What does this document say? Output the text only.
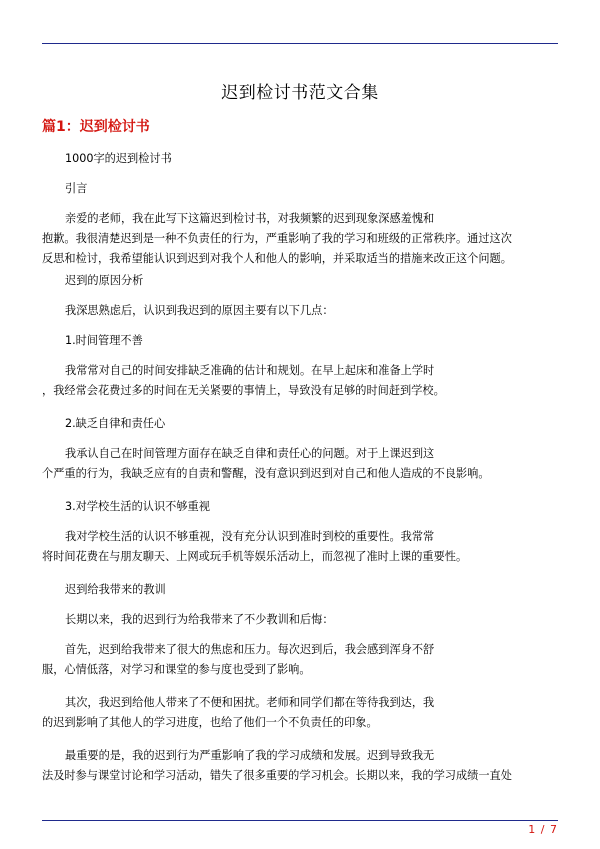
迟到检讨书范文合集
篇1：迟到检讨书
1000字的迟到检讨书
引言
亲爱的老师，我在此写下这篇迟到检讨书，对我频繁的迟到现象深感羞愧和
抱歉。我很清楚迟到是一种不负责任的行为，严重影响了我的学习和班级的正常秩序。通过这次
反思和检讨，我希望能认识到迟到对我个人和他人的影响，并采取适当的措施来改正这个问题。
迟到的原因分析
我深思熟虑后，认识到我迟到的原因主要有以下几点：
1.时间管理不善
我常常对自己的时间安排缺乏准确的估计和规划。在早上起床和准备上学时
，我经常会花费过多的时间在无关紧要的事情上，导致没有足够的时间赶到学校。
2.缺乏自律和责任心
我承认自己在时间管理方面存在缺乏自律和责任心的问题。对于上课迟到这
个严重的行为，我缺乏应有的自责和警醒，没有意识到迟到对自己和他人造成的不良影响。
3.对学校生活的认识不够重视
我对学校生活的认识不够重视，没有充分认识到准时到校的重要性。我常常
将时间花费在与朋友聊天、上网或玩手机等娱乐活动上，而忽视了准时上课的重要性。
迟到给我带来的教训
长期以来，我的迟到行为给我带来了不少教训和后悔：
首先，迟到给我带来了很大的焦虑和压力。每次迟到后，我会感到浑身不舒
服，心情低落，对学习和课堂的参与度也受到了影响。
其次，我迟到给他人带来了不便和困扰。老师和同学们都在等待我到达，我
的迟到影响了其他人的学习进度，也给了他们一个不负责任的印象。
最重要的是，我的迟到行为严重影响了我的学习成绩和发展。迟到导致我无
法及时参与课堂讨论和学习活动，错失了很多重要的学习机会。长期以来，我的学习成绩一直处
1 / 7
